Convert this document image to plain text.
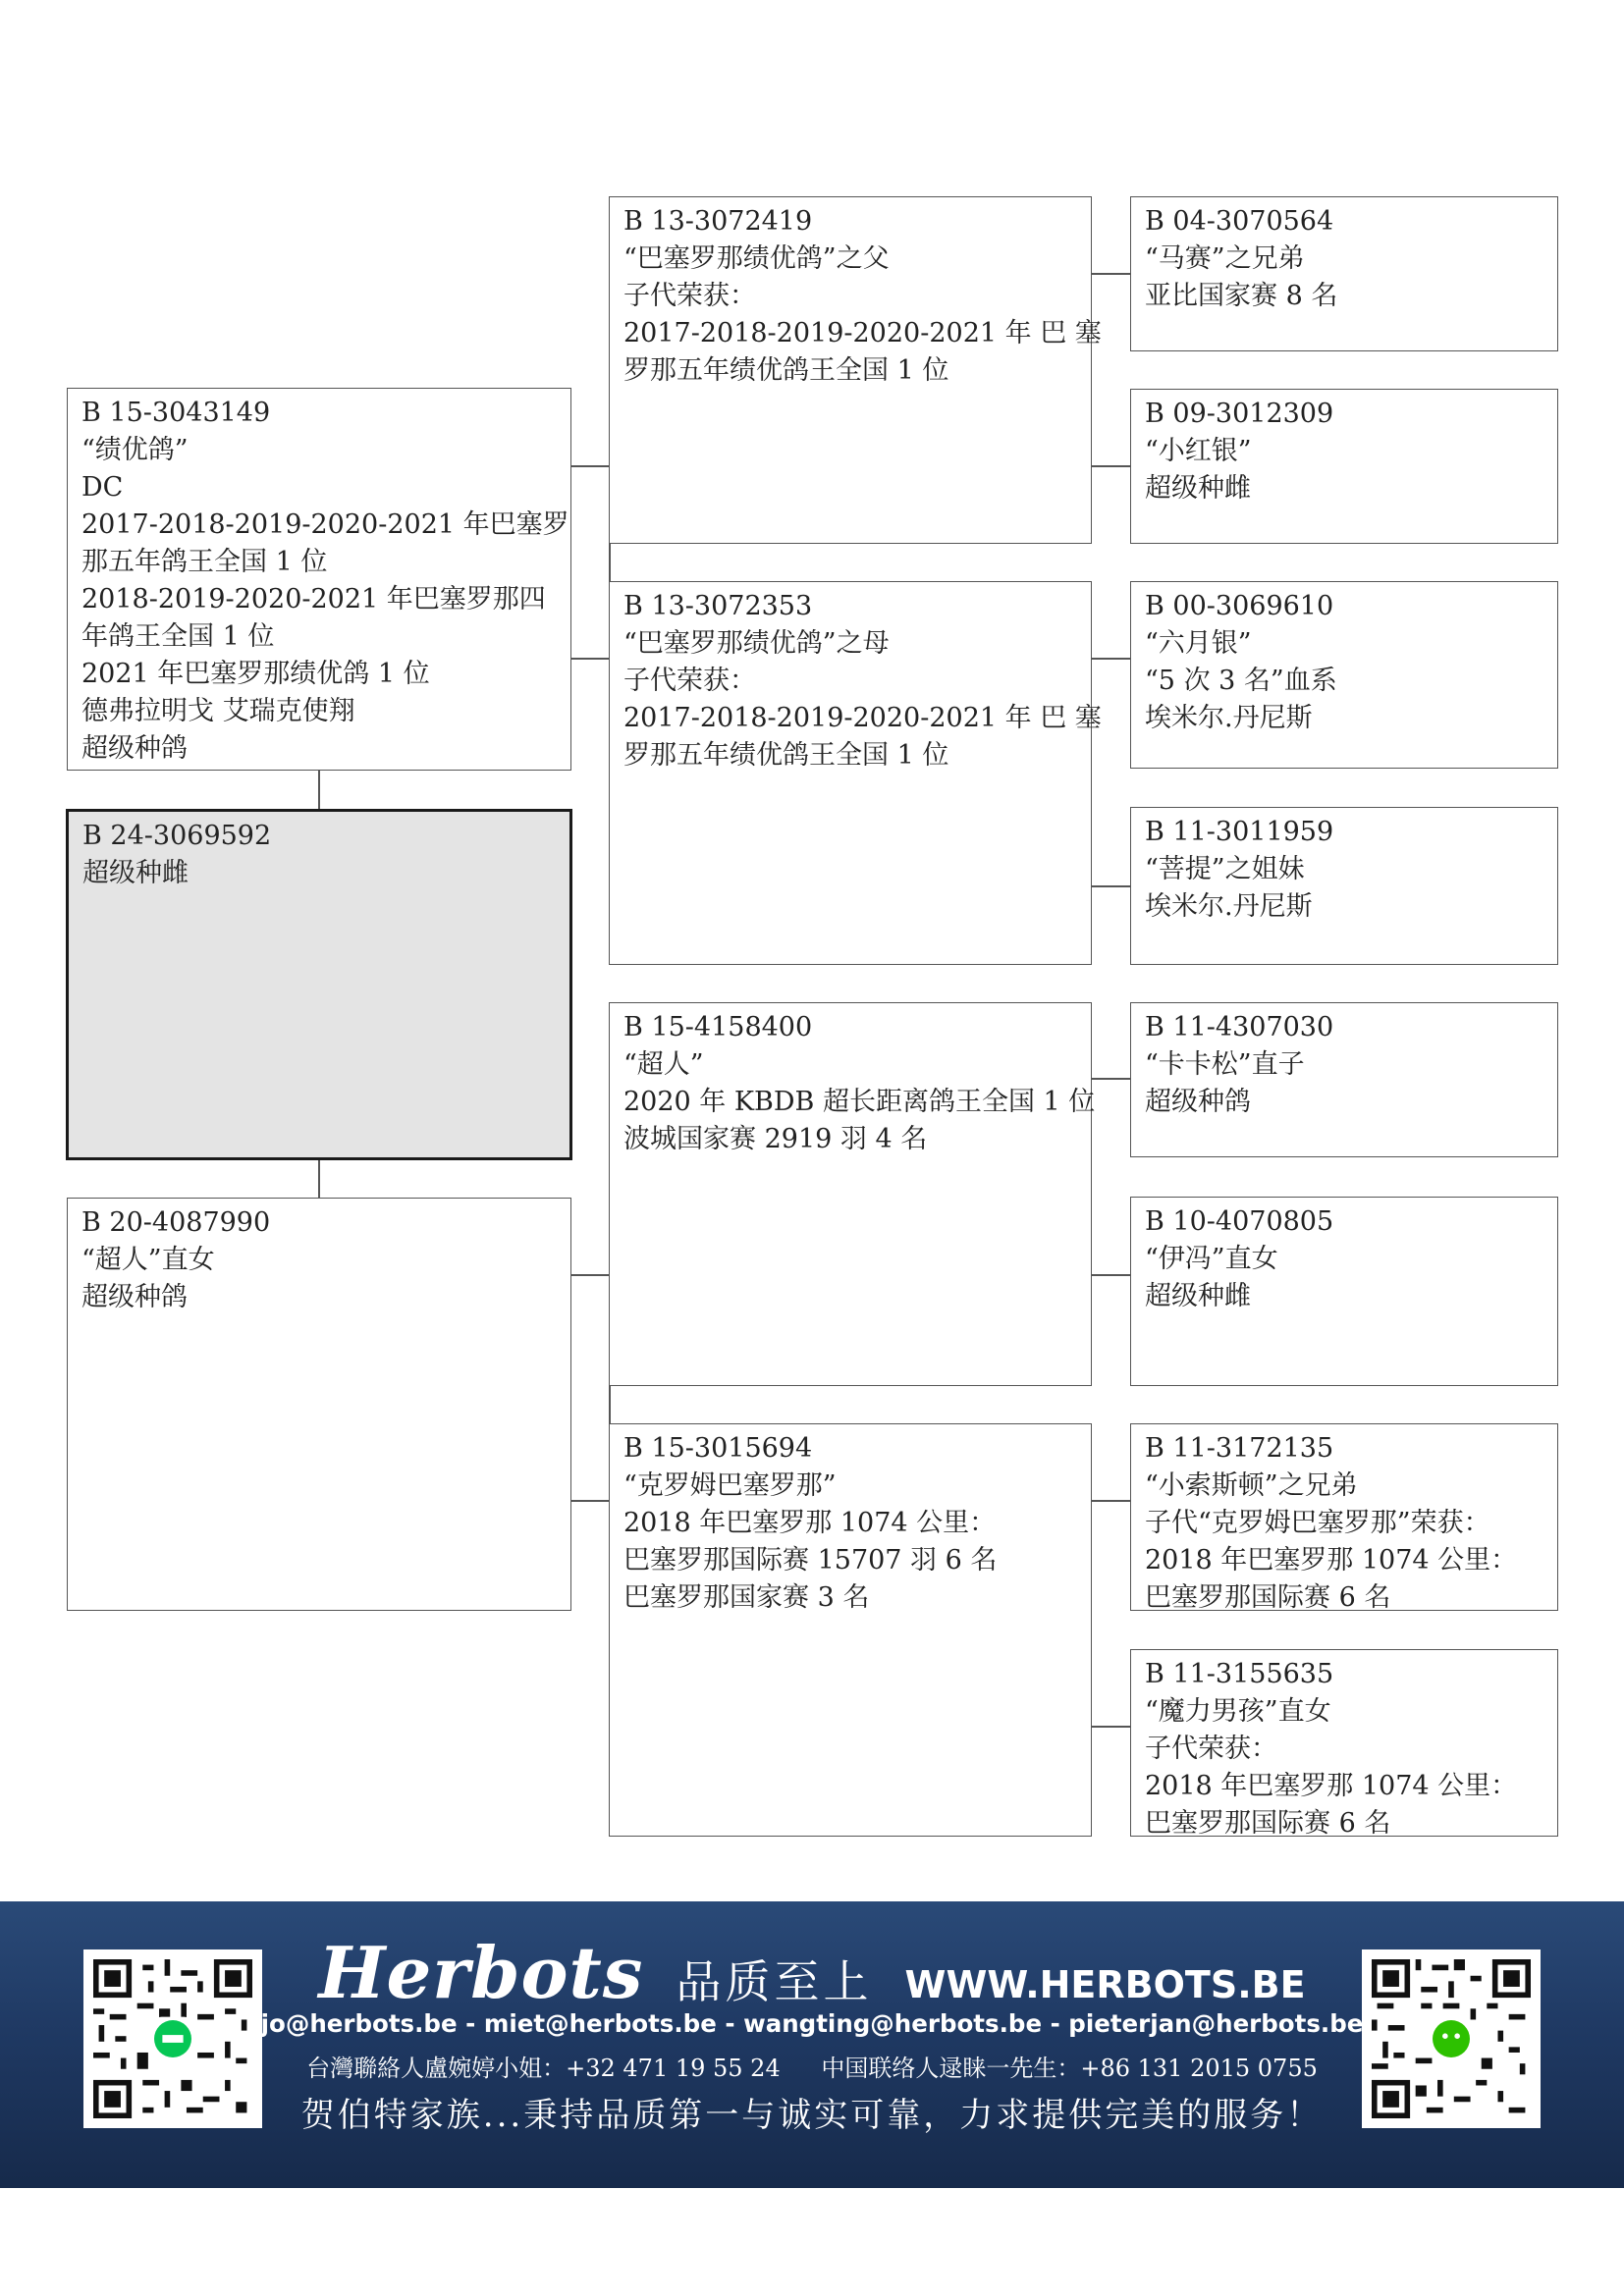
B 15-3043149
“绩优鸽”
DC
2017-2018-2019-2020-2021 年巴塞罗
那五年鸽王全国 1 位
2018-2019-2020-2021 年巴塞罗那四
年鸽王全国 1 位
2021 年巴塞罗那绩优鸽 1 位
德弗拉明戈 艾瑞克使翔
超级种鸽
B 24-3069592
超级种雌
B 20-4087990
“超人”直女
超级种鸽
B 13-3072419
“巴塞罗那绩优鸽”之父
子代荣获：
2017-2018-2019-2020-2021 年 巴 塞
罗那五年绩优鸽王全国 1 位
B 13-3072353
“巴塞罗那绩优鸽”之母
子代荣获：
2017-2018-2019-2020-2021 年 巴 塞
罗那五年绩优鸽王全国 1 位
B 15-4158400
“超人”
2020 年 KBDB 超长距离鸽王全国 1 位
波城国家赛 2919 羽 4 名
B 15-3015694
“克罗姆巴塞罗那”
2018 年巴塞罗那 1074 公里：
巴塞罗那国际赛 15707 羽 6 名
巴塞罗那国家赛 3 名
B 04-3070564
“马赛”之兄弟
亚比国家赛 8 名
B 09-3012309
“小红银”
超级种雌
B 00-3069610
“六月银”
“5 次 3 名”血系
埃米尔.丹尼斯
B 11-3011959
“菩提”之姐妹
埃米尔.丹尼斯
B 11-4307030
“卡卡松”直子
超级种鸽
B 10-4070805
“伊冯”直女
超级种雌
B 11-3172135
“小索斯顿”之兄弟
子代“克罗姆巴塞罗那”荣获：
2018 年巴塞罗那 1074 公里：
巴塞罗那国际赛 6 名
B 11-3155635
“魔力男孩”直女
子代荣获：
2018 年巴塞罗那 1074 公里：
巴塞罗那国际赛 6 名
Herbots 品质至上 WWW.HERBOTS.BE
jo@herbots.be - miet@herbots.be - wangting@herbots.be - pieterjan@herbots.be
台灣聯絡人盧婉婷小姐：+32 471 19 55 24 中国联络人逯睐一先生：+86 131 2015 0755
贺伯特家族...秉持品质第一与诚实可靠，力求提供完美的服务！
